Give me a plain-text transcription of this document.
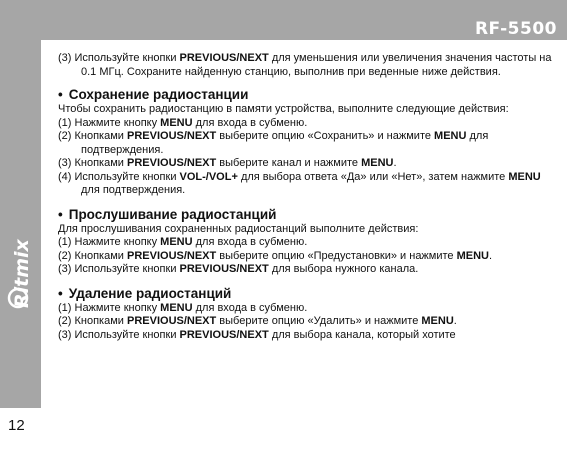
RF-5500
Ritmix
12

(3) Используйте кнопки PREVIOUS/NEXT для уменьшения или увеличения значения частоты на 0.1 МГц. Сохраните найденную станцию, выполнив при веденные ниже действия.

• Сохранение радиостанции

Чтобы сохранить радиостанцию в памяти устройства, выполните следующие действия:

(1) Нажмите кнопку MENU для входа в субменю.

(2) Кнопками PREVIOUS/NEXT выберите опцию «Сохранить» и нажмите MENU для подтверждения.

(3) Кнопками PREVIOUS/NEXT выберите канал и нажмите MENU.

(4) Используйте кнопки VOL-/VOL+ для выбора ответа «Да» или «Нет», затем нажмите MENU для подтверждения.

• Прослушивание радиостанций

Для прослушивания сохраненных радиостанций выполните действия:

(1) Нажмите кнопку MENU для входа в субменю.

(2) Кнопками PREVIOUS/NEXT выберите опцию «Предустановки» и нажмите MENU.

(3) Используйте кнопки PREVIOUS/NEXT для выбора нужного канала.

• Удаление радиостанций

(1) Нажмите кнопку MENU для входа в субменю.

(2) Кнопками PREVIOUS/NEXT выберите опцию «Удалить» и нажмите MENU.

(3) Используйте кнопки PREVIOUS/NEXT для выбора канала, который хотите
